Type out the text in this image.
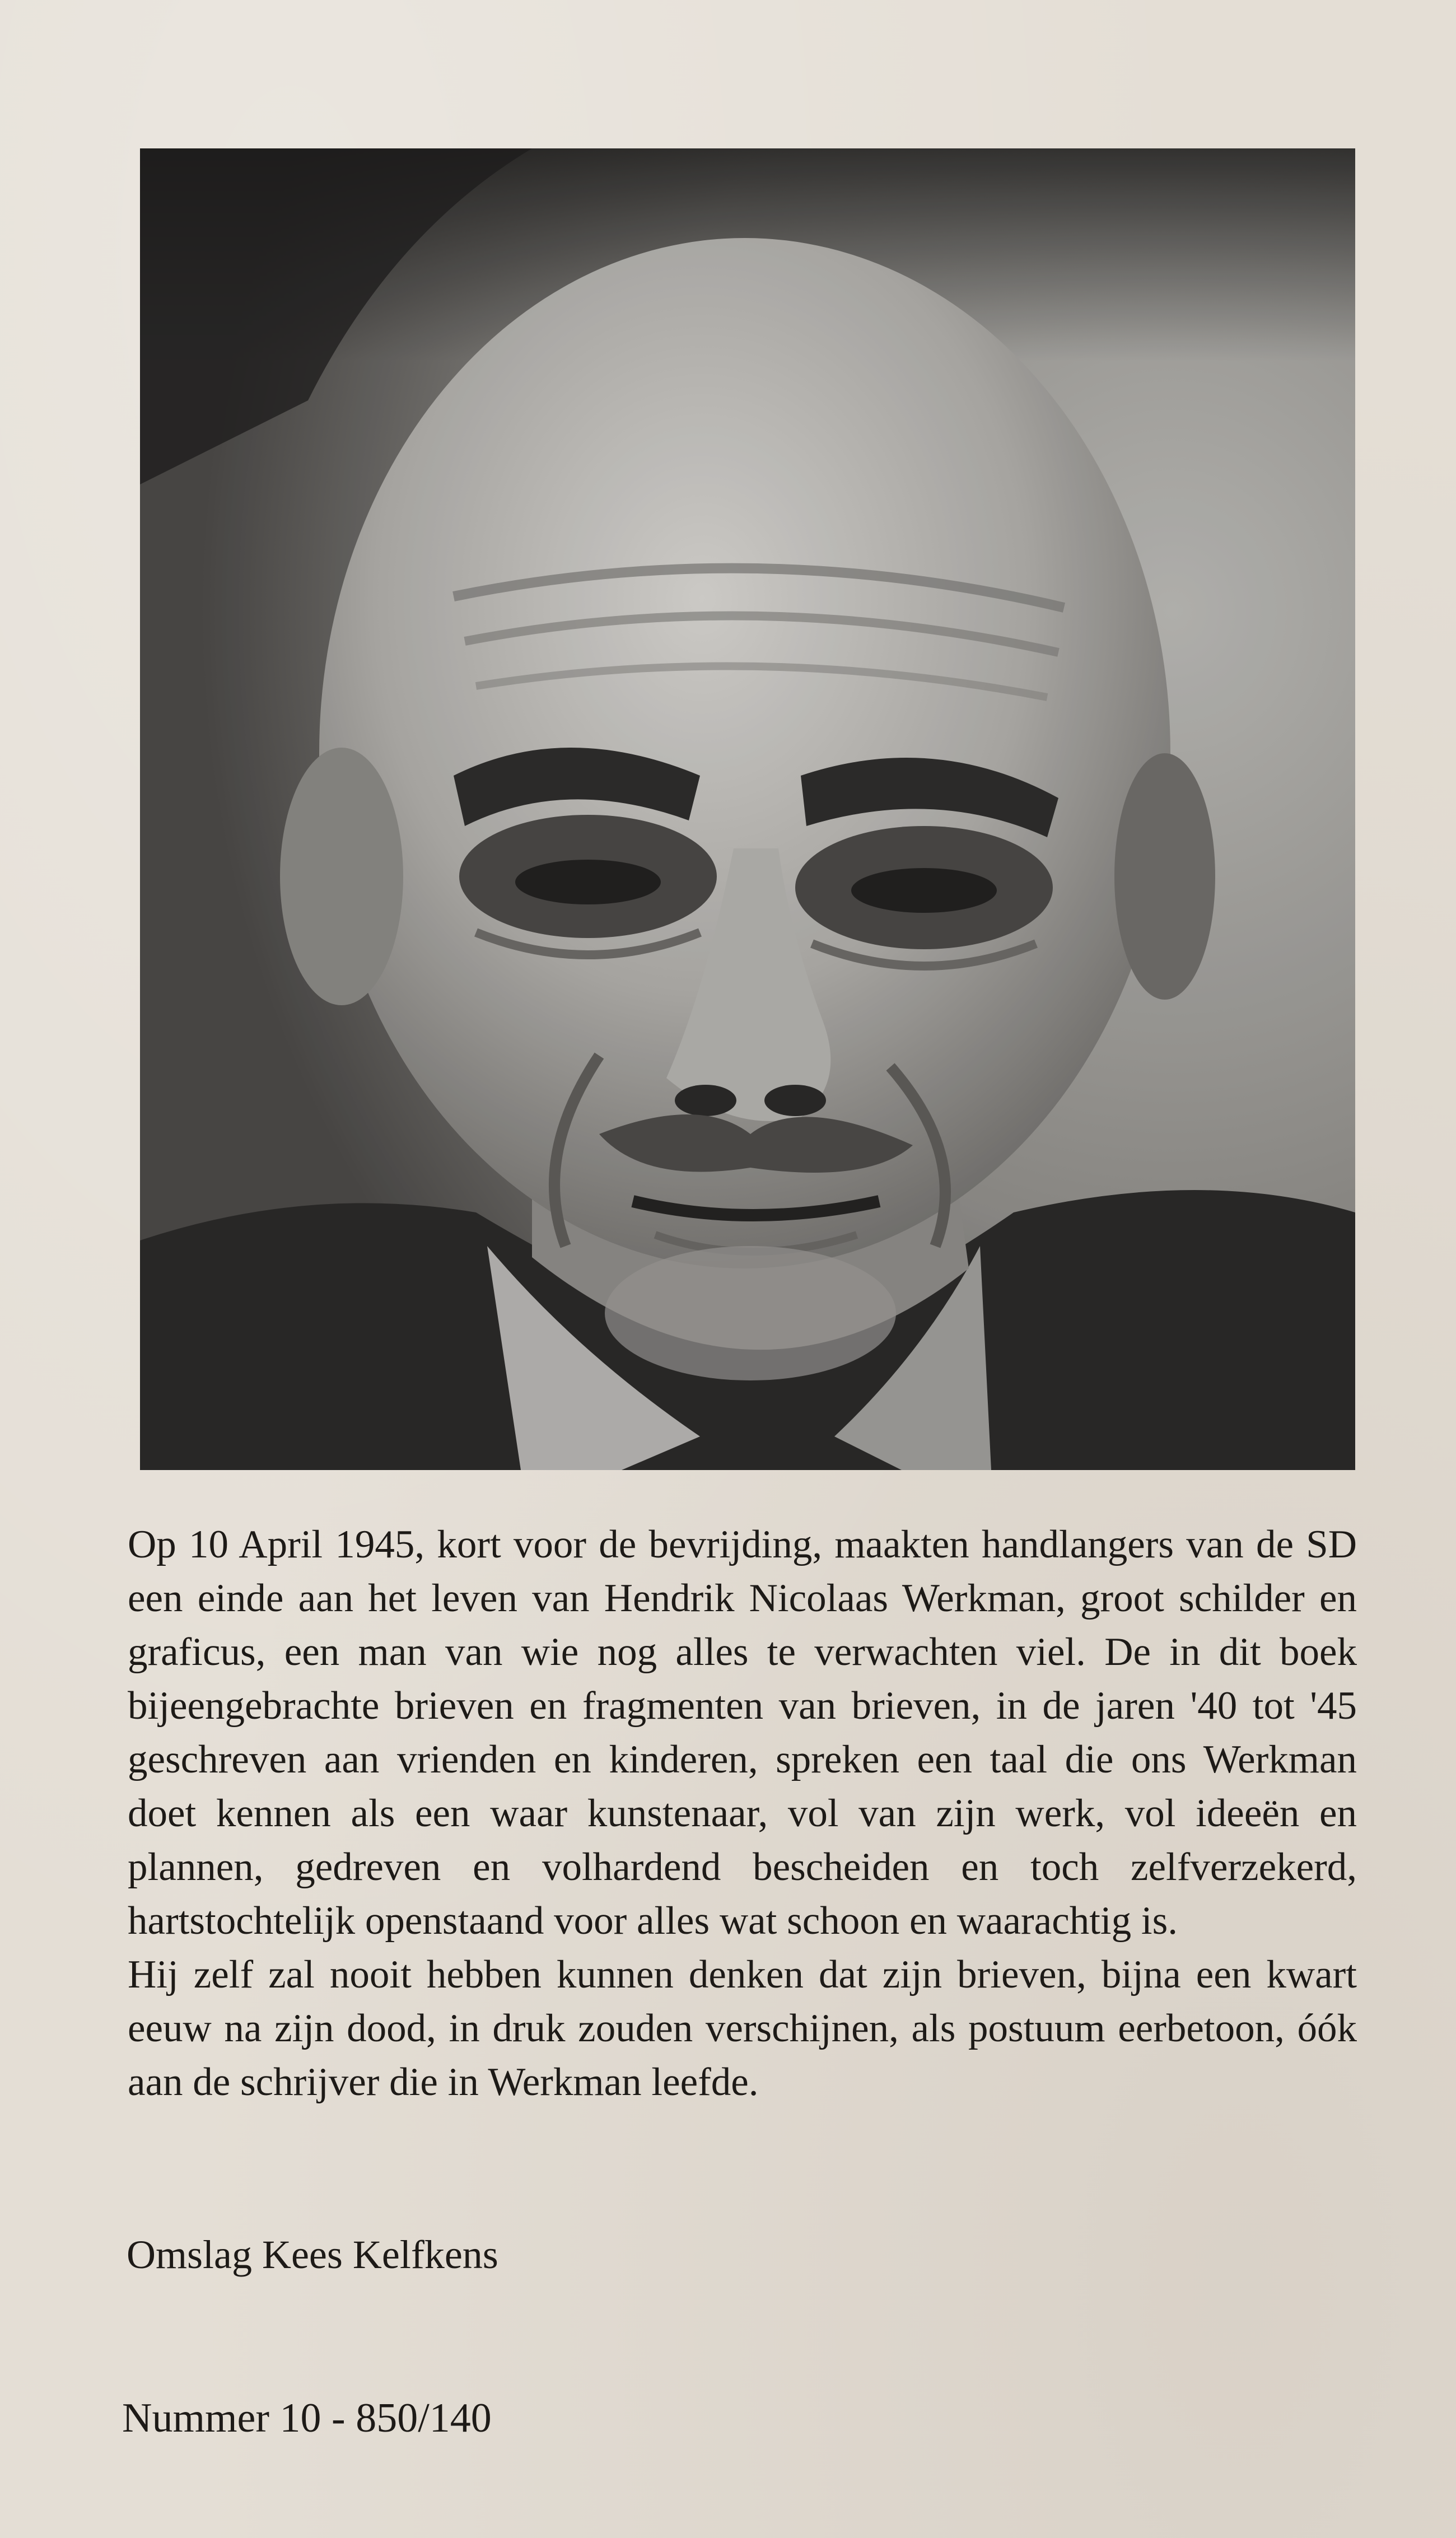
Op 10 April 1945, kort voor de bevrijding, maakten handlangers van de SD een einde aan het leven van Hendrik Nicolaas Werkman, groot schilder en graficus, een man van wie nog alles te verwachten viel. De in dit boek bijeengebrachte brieven en fragmenten van brieven, in de jaren '40 tot '45 geschreven aan vrienden en kinderen, spreken een taal die ons Werkman doet kennen als een waar kunstenaar, vol van zijn werk, vol ideeën en plannen, gedreven en volhardend bescheiden en toch zelfverzekerd, hartstochtelijk openstaand voor alles wat schoon en waarachtig is.

Hij zelf zal nooit hebben kunnen denken dat zijn brieven, bijna een kwart eeuw na zijn dood, in druk zouden verschijnen, als postuum eerbetoon, óók aan de schrijver die in Werkman leefde.

Omslag Kees Kelfkens

Nummer 10 - 850/140
